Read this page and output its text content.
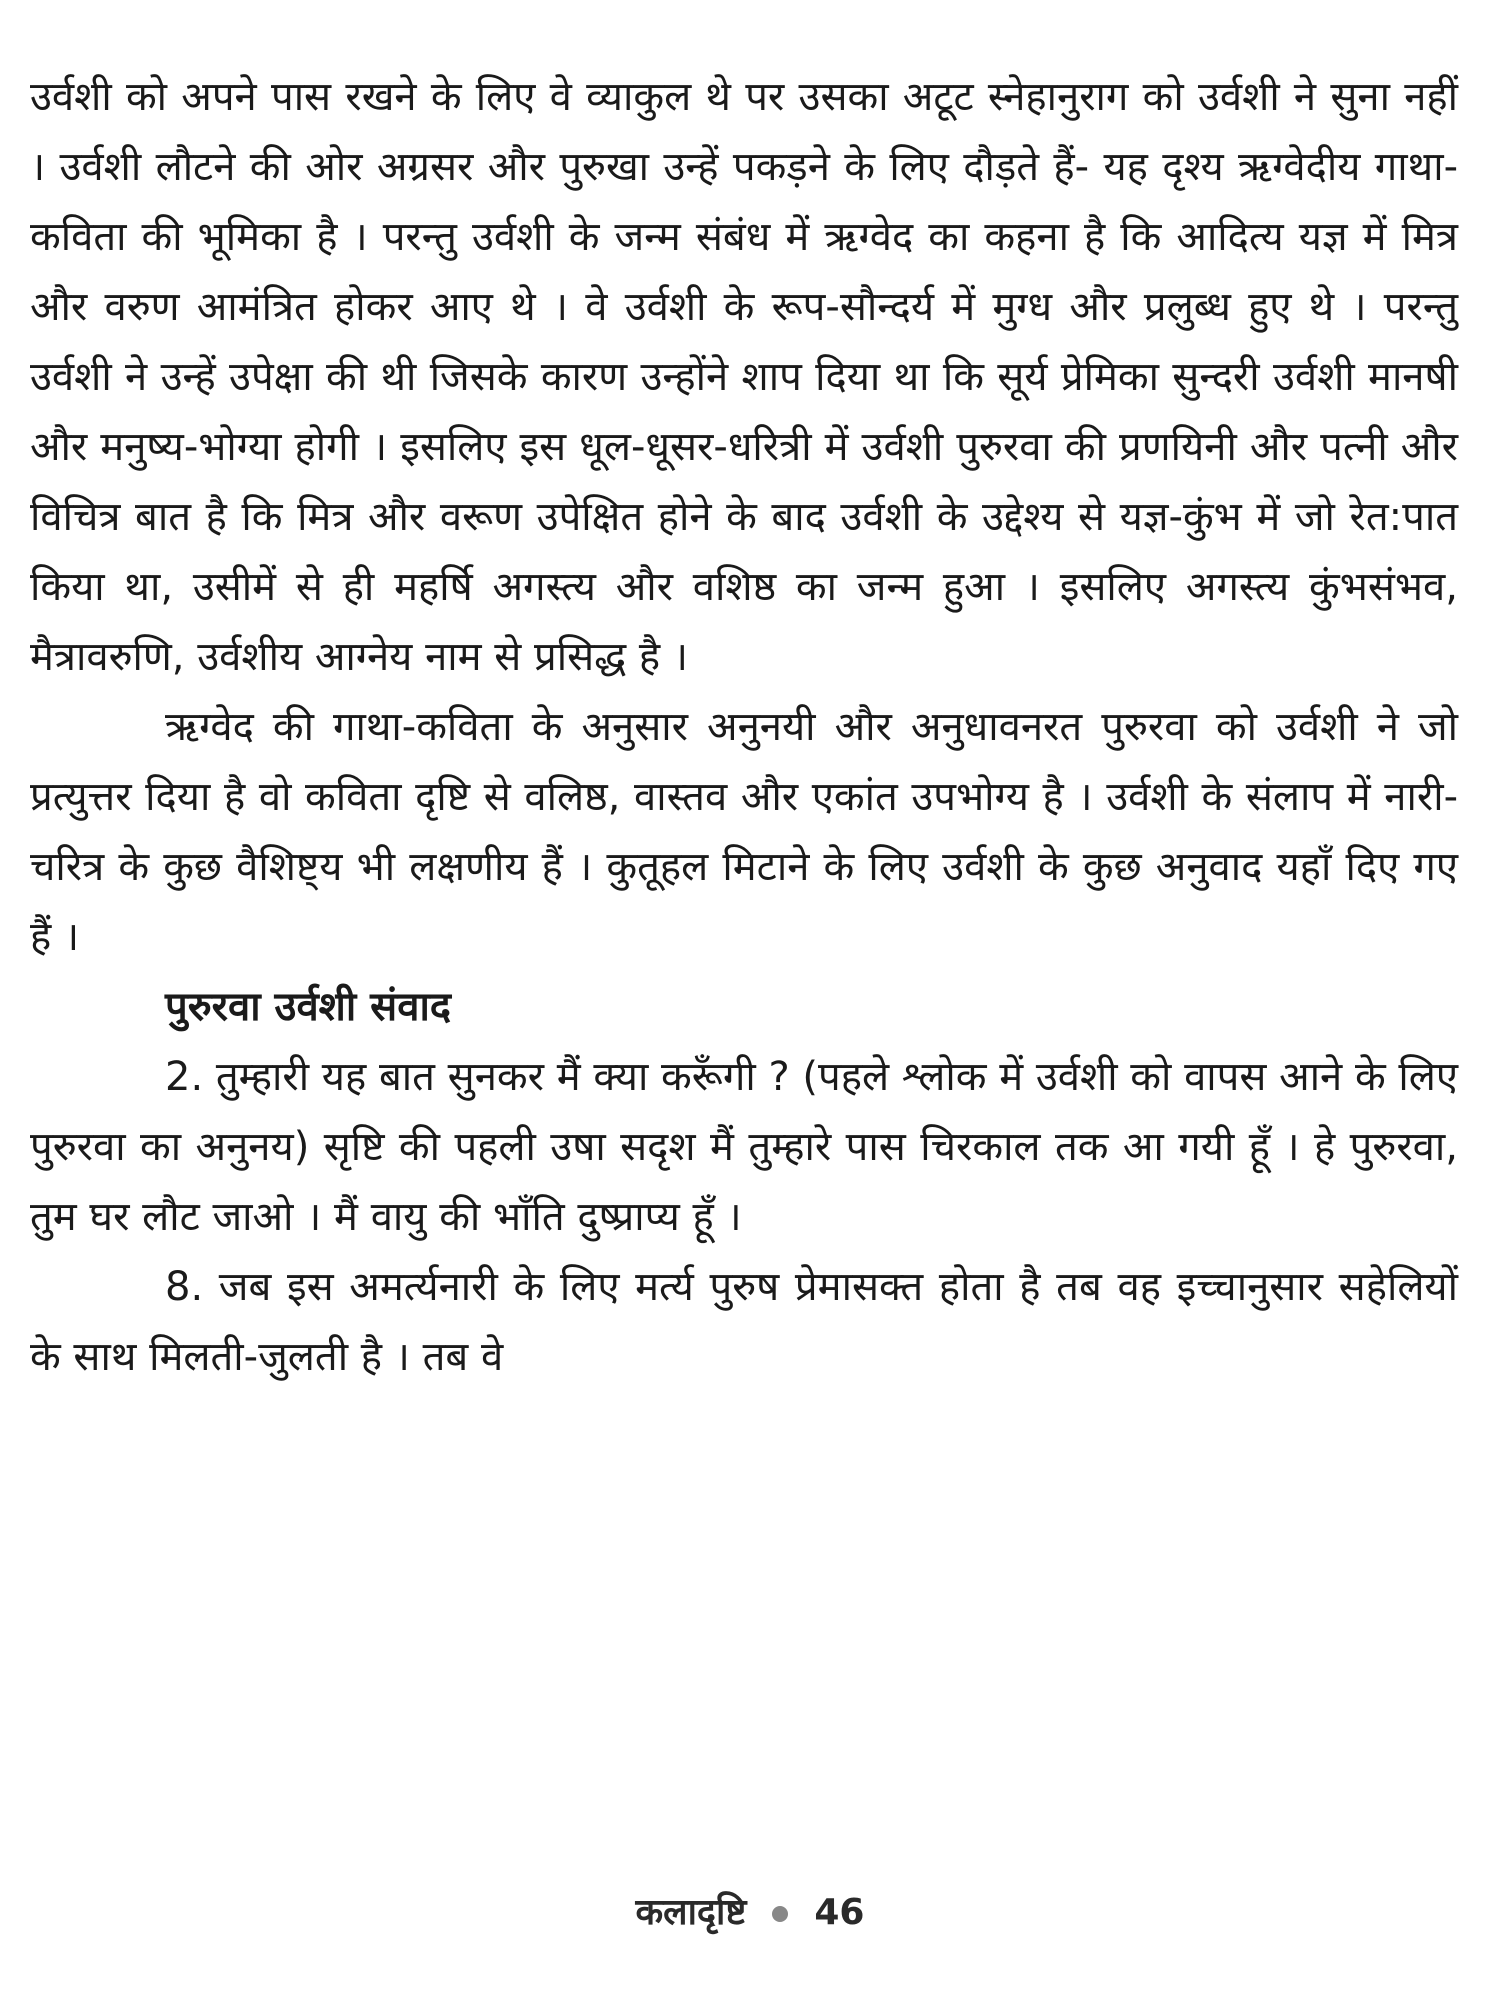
उर्वशी को अपने पास रखने के लिए वे व्याकुल थे पर उसका अटूट स्नेहानुराग को उर्वशी ने सुना नहीं । उर्वशी लौटने की ओर अग्रसर और पुरुखा उन्हें पकड़ने के लिए दौड़ते हैं- यह दृश्य ऋग्वेदीय गाथा-कविता की भूमिका है । परन्तु उर्वशी के जन्म संबंध में ऋग्वेद का कहना है कि आदित्य यज्ञ में मित्र और वरुण आमंत्रित होकर आए थे । वे उर्वशी के रूप-सौन्दर्य में मुग्ध और प्रलुब्ध हुए थे । परन्तु उर्वशी ने उन्हें उपेक्षा की थी जिसके कारण उन्होंने शाप दिया था कि सूर्य प्रेमिका सुन्दरी उर्वशी मानषी और मनुष्य-भोग्या होगी । इसलिए इस धूल-धूसर-धरित्री में उर्वशी पुरुरवा की प्रणयिनी और पत्नी और विचित्र बात है कि मित्र और वरूण उपेक्षित होने के बाद उर्वशी के उद्देश्य से यज्ञ-कुंभ में जो रेत:पात किया था, उसीमें से ही महर्षि अगस्त्य और वशिष्ठ का जन्म हुआ । इसलिए अगस्त्य कुंभसंभव, मैत्रावरुणि, उर्वशीय आग्नेय नाम से प्रसिद्ध है ।

ऋग्वेद की गाथा-कविता के अनुसार अनुनयी और अनुधावनरत पुरुरवा को उर्वशी ने जो प्रत्युत्तर दिया है वो कविता दृष्टि से वलिष्ठ, वास्तव और एकांत उपभोग्य है । उर्वशी के संलाप में नारी-चरित्र के कुछ वैशिष्ट्य भी लक्षणीय हैं । कुतूहल मिटाने के लिए उर्वशी के कुछ अनुवाद यहाँ दिए गए हैं ।

पुरुरवा उर्वशी संवाद

2. तुम्हारी यह बात सुनकर मैं क्या करूँगी ? (पहले श्लोक में उर्वशी को वापस आने के लिए पुरुरवा का अनुनय) सृष्टि की पहली उषा सदृश मैं तुम्हारे पास चिरकाल तक आ गयी हूँ । हे पुरुरवा, तुम घर लौट जाओ । मैं वायु की भाँति दुष्प्राप्य हूँ ।

8. जब इस अमर्त्यनारी के लिए मर्त्य पुरुष प्रेमासक्त होता है तब वह इच्चानुसार सहेलियों के साथ मिलती-जुलती है । तब वे

कलादृष्टि 46
